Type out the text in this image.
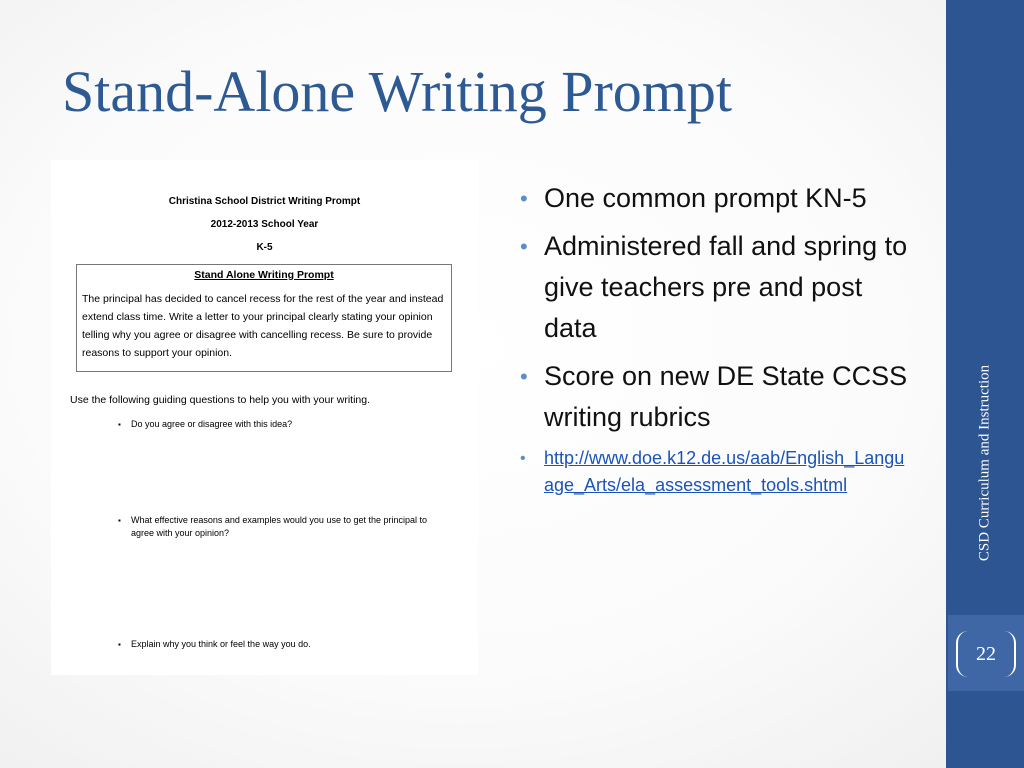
Stand-Alone Writing Prompt
Christina School District Writing Prompt
2012-2013 School Year
K-5
Stand Alone Writing Prompt
The principal has decided to cancel recess for the rest of the year and instead extend class time. Write a letter to your principal clearly stating your opinion telling why you agree or disagree with cancelling recess. Be sure to provide reasons to support your opinion.
Use the following guiding questions to help you with your writing.
▪ Do you agree or disagree with this idea?
▪ What effective reasons and examples would you use to get the principal to agree with your opinion?
▪ Explain why you think or feel the way you do.
• One common prompt KN-5
• Administered fall and spring to give teachers pre and post data
• Score on new DE State CCSS writing rubrics
• http://www.doe.k12.de.us/aab/English_Language_Arts/ela_assessment_tools.shtml	CSD Curriculum and Instruction
22
